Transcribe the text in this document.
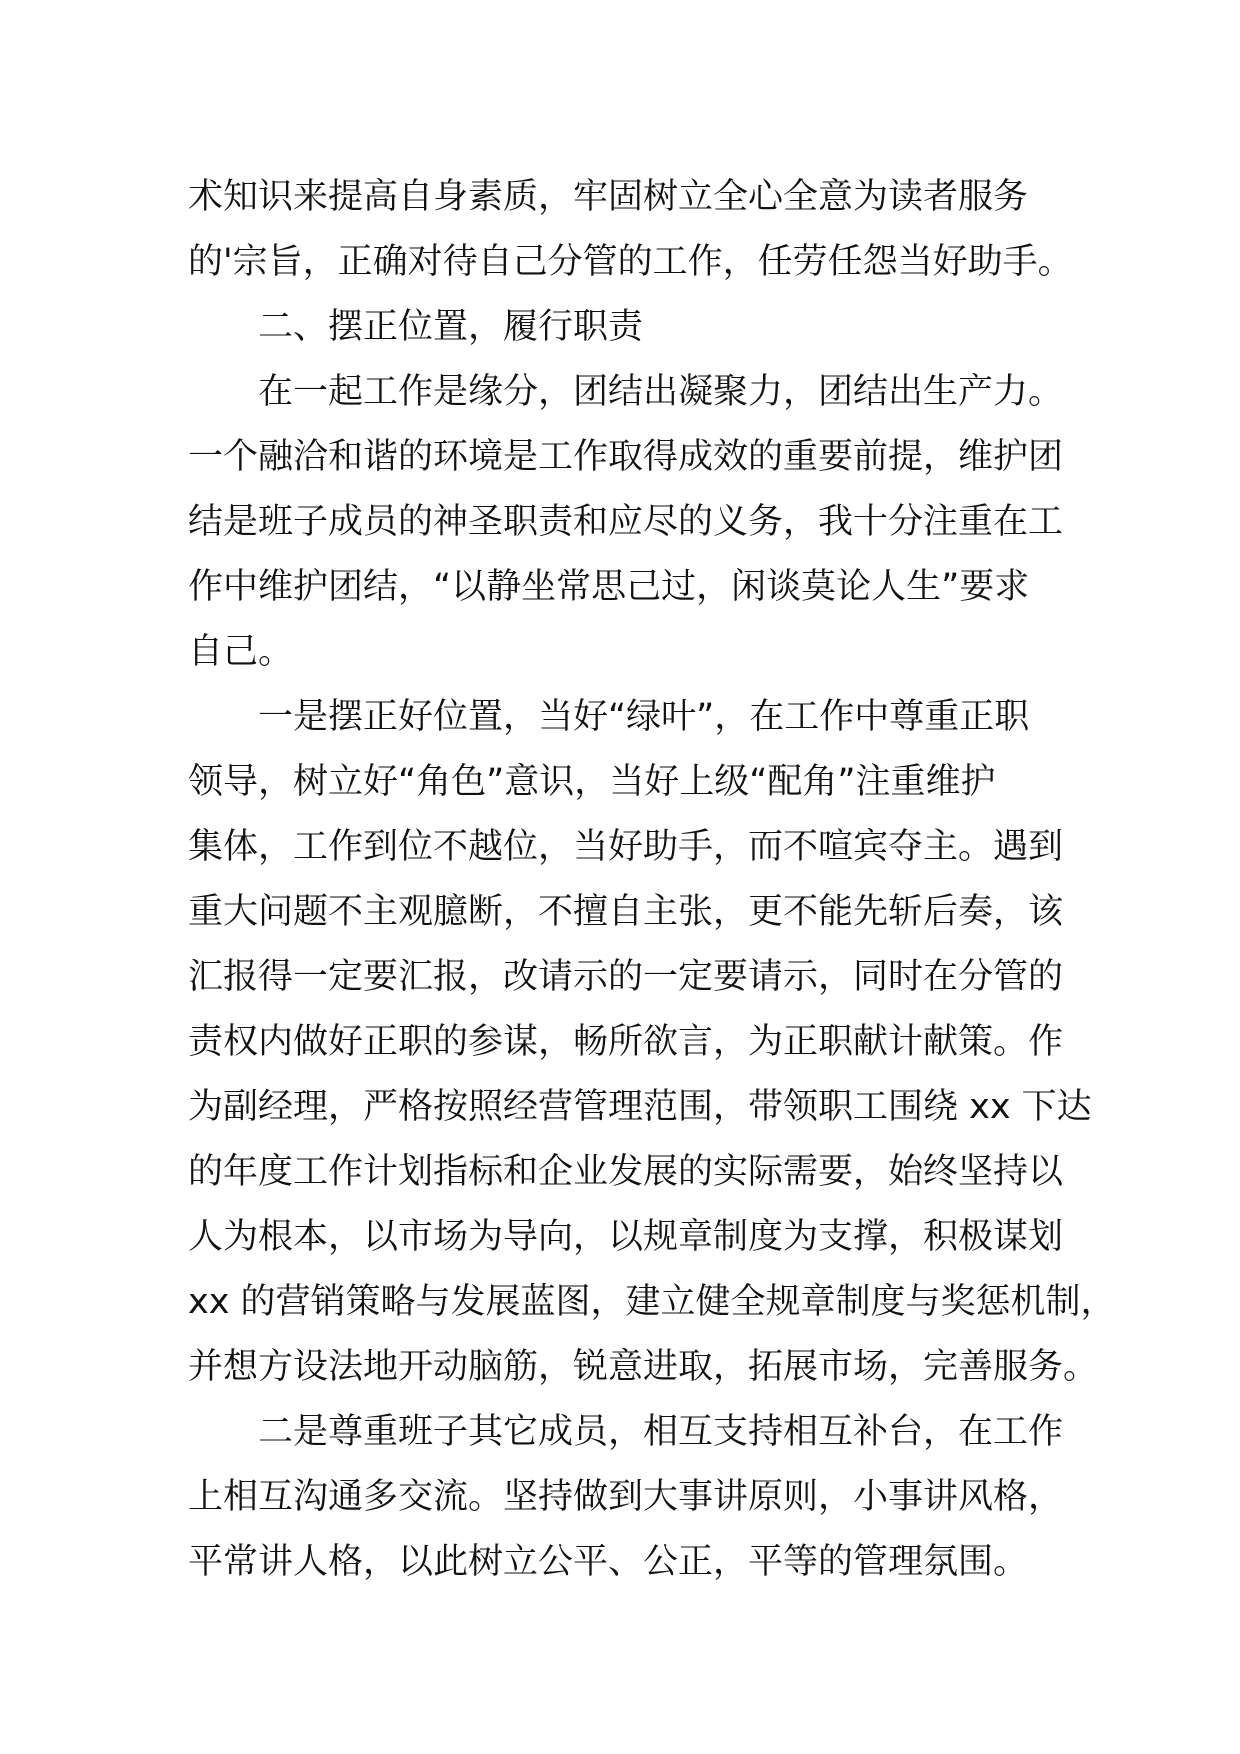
术知识来提高自身素质，牢固树立全心全意为读者服务
的'宗旨，正确对待自己分管的工作，任劳任怨当好助手。
二、摆正位置，履行职责
在一起工作是缘分，团结出凝聚力，团结出生产力。
一个融洽和谐的环境是工作取得成效的重要前提，维护团
结是班子成员的神圣职责和应尽的义务，我十分注重在工
作中维护团结，“以静坐常思己过，闲谈莫论人生”要求
自己。
一是摆正好位置，当好“绿叶”，在工作中尊重正职
领导，树立好“角色”意识，当好上级“配角”注重维护
集体，工作到位不越位，当好助手，而不喧宾夺主。遇到
重大问题不主观臆断，不擅自主张，更不能先斩后奏，该
汇报得一定要汇报，改请示的一定要请示，同时在分管的
责权内做好正职的参谋，畅所欲言，为正职献计献策。作
为副经理，严格按照经营管理范围，带领职工围绕 xx 下达
的年度工作计划指标和企业发展的实际需要，始终坚持以
人为根本，以市场为导向，以规章制度为支撑，积极谋划
xx 的营销策略与发展蓝图，建立健全规章制度与奖惩机制，
并想方设法地开动脑筋，锐意进取，拓展市场，完善服务。
二是尊重班子其它成员，相互支持相互补台，在工作
上相互沟通多交流。坚持做到大事讲原则，小事讲风格，
平常讲人格，以此树立公平、公正，平等的管理氛围。
